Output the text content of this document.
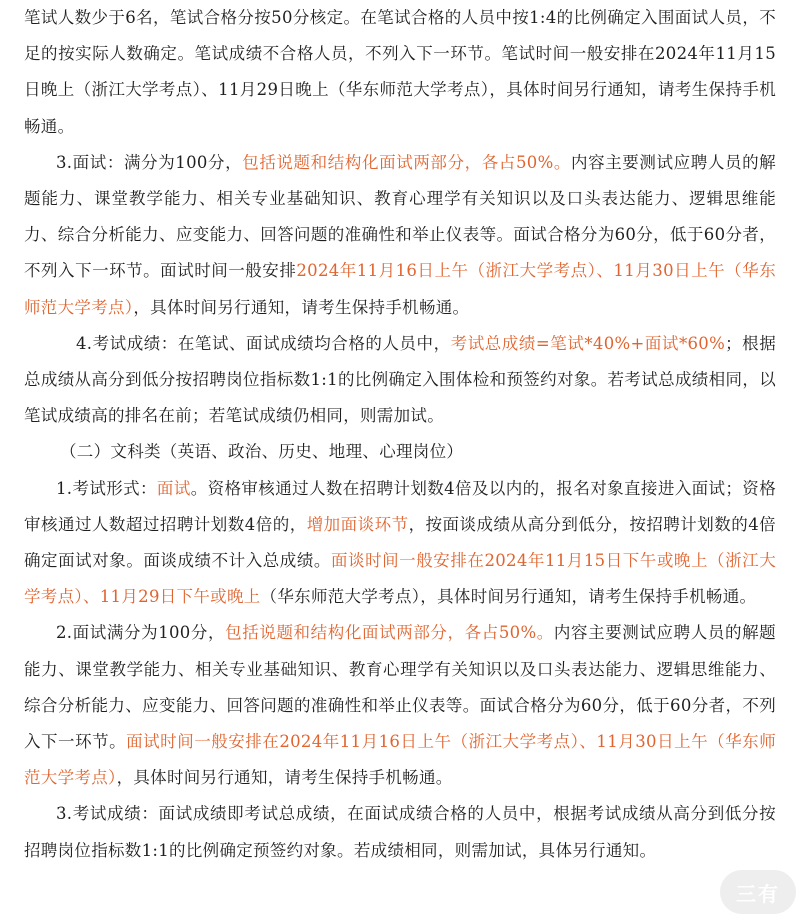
笔试人数少于6名，笔试合格分按50分核定。在笔试合格的人员中按1:4的比例确定入围面试人员，不足的按实际人数确定。笔试成绩不合格人员，不列入下一环节。笔试时间一般安排在2024年11月15日晚上（浙江大学考点）、11月29日晚上（华东师范大学考点），具体时间另行通知，请考生保持手机畅通。

3.面试：满分为100分，包括说题和结构化面试两部分，各占50%。内容主要测试应聘人员的解题能力、课堂教学能力、相关专业基础知识、教育心理学有关知识以及口头表达能力、逻辑思维能力、综合分析能力、应变能力、回答问题的准确性和举止仪表等。面试合格分为60分，低于60分者，不列入下一环节。面试时间一般安排2024年11月16日上午（浙江大学考点）、11月30日上午（华东师范大学考点），具体时间另行通知，请考生保持手机畅通。

4.考试成绩：在笔试、面试成绩均合格的人员中，考试总成绩=笔试*40%+面试*60%；根据总成绩从高分到低分按招聘岗位指标数1:1的比例确定入围体检和预签约对象。若考试总成绩相同，以笔试成绩高的排名在前；若笔试成绩仍相同，则需加试。

（二）文科类（英语、政治、历史、地理、心理岗位）

1.考试形式：面试。资格审核通过人数在招聘计划数4倍及以内的，报名对象直接进入面试；资格审核通过人数超过招聘计划数4倍的，增加面谈环节，按面谈成绩从高分到低分，按招聘计划数的4倍确定面试对象。面谈成绩不计入总成绩。面谈时间一般安排在2024年11月15日下午或晚上（浙江大学考点）、11月29日下午或晚上（华东师范大学考点），具体时间另行通知，请考生保持手机畅通。

2.面试满分为100分，包括说题和结构化面试两部分，各占50%。内容主要测试应聘人员的解题能力、课堂教学能力、相关专业基础知识、教育心理学有关知识以及口头表达能力、逻辑思维能力、综合分析能力、应变能力、回答问题的准确性和举止仪表等。面试合格分为60分，低于60分者，不列入下一环节。面试时间一般安排在2024年11月16日上午（浙江大学考点）、11月30日上午（华东师范大学考点），具体时间另行通知，请考生保持手机畅通。

3.考试成绩：面试成绩即考试总成绩，在面试成绩合格的人员中，根据考试成绩从高分到低分按招聘岗位指标数1:1的比例确定预签约对象。若成绩相同，则需加试，具体另行通知。

三有
